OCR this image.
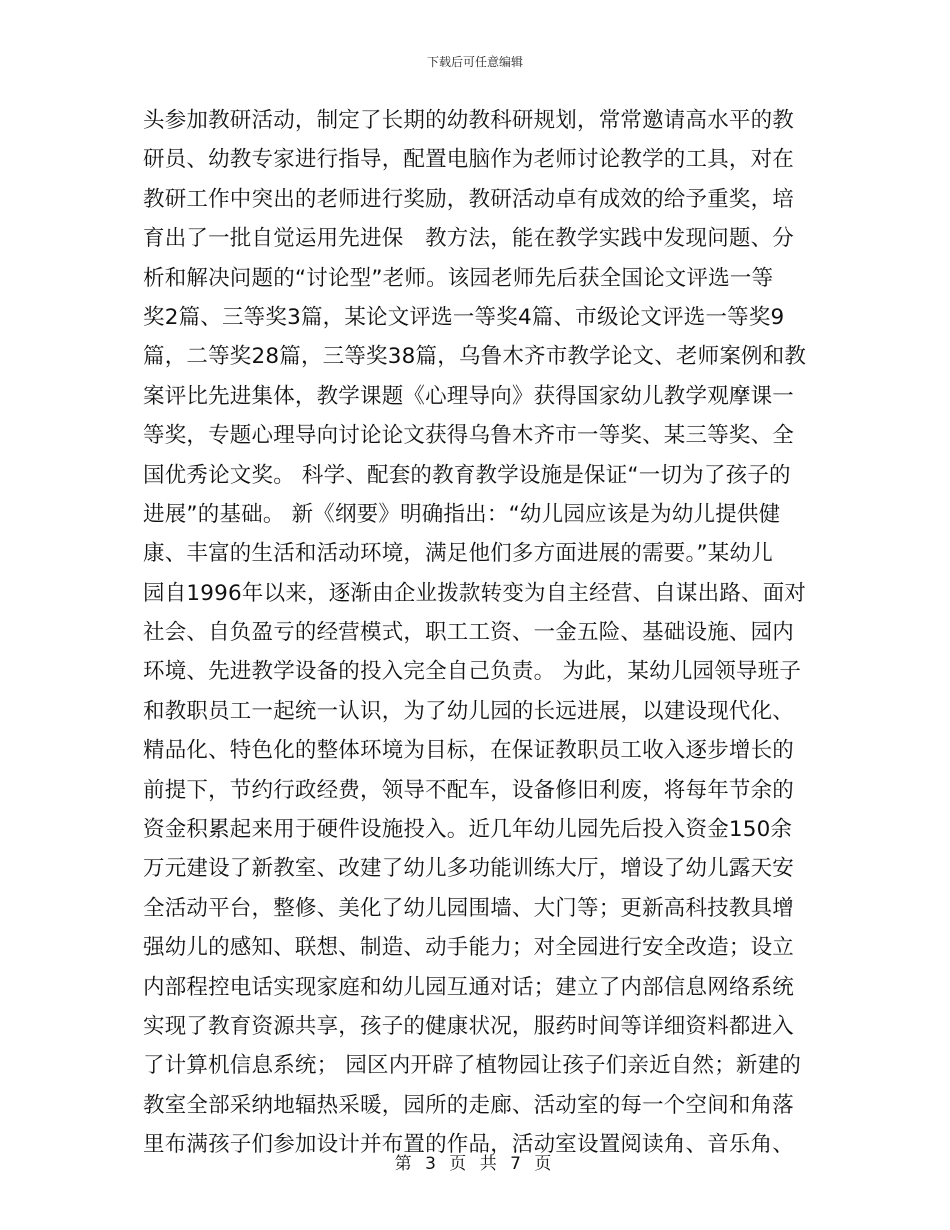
下载后可任意编辑
头参加教研活动，制定了长期的幼教科研规划，常常邀请高水平的教
研员、幼教专家进行指导，配置电脑作为老师讨论教学的工具，对在
教研工作中突出的老师进行奖励，教研活动卓有成效的给予重奖，培
育出了一批自觉运用先进保　教方法，能在教学实践中发现问题、分
析和解决问题的“讨论型”老师。该园老师先后获全国论文评选一等
奖2篇、三等奖3篇，某论文评选一等奖4篇、市级论文评选一等奖9
篇，二等奖28篇，三等奖38篇，乌鲁木齐市教学论文、老师案例和教
案评比先进集体，教学课题《心理导向》获得国家幼儿教学观摩课一
等奖，专题心理导向讨论论文获得乌鲁木齐市一等奖、某三等奖、全
国优秀论文奖。 科学、配套的教育教学设施是保证“一切为了孩子的
进展”的基础。 新《纲要》明确指出：“幼儿园应该是为幼儿提供健
康、丰富的生活和活动环境，满足他们多方面进展的需要。”某幼儿
园自1996年以来，逐渐由企业拨款转变为自主经营、自谋出路、面对
社会、自负盈亏的经营模式，职工工资、一金五险、基础设施、园内
环境、先进教学设备的投入完全自己负责。 为此，某幼儿园领导班子
和教职员工一起统一认识，为了幼儿园的长远进展，以建设现代化、
精品化、特色化的整体环境为目标，在保证教职员工收入逐步增长的
前提下，节约行政经费，领导不配车，设备修旧利废，将每年节余的
资金积累起来用于硬件设施投入。近几年幼儿园先后投入资金150余
万元建设了新教室、改建了幼儿多功能训练大厅，增设了幼儿露天安
全活动平台，整修、美化了幼儿园围墙、大门等；更新高科技教具增
强幼儿的感知、联想、制造、动手能力；对全园进行安全改造；设立
内部程控电话实现家庭和幼儿园互通对话；建立了内部信息网络系统
实现了教育资源共享，孩子的健康状况，服药时间等详细资料都进入
了计算机信息系统； 园区内开辟了植物园让孩子们亲近自然；新建的
教室全部采纳地辐热采暖，园所的走廊、活动室的每一个空间和角落
里布满孩子们参加设计并布置的作品，活动室设置阅读角、音乐角、
第 3 页 共 7 页
